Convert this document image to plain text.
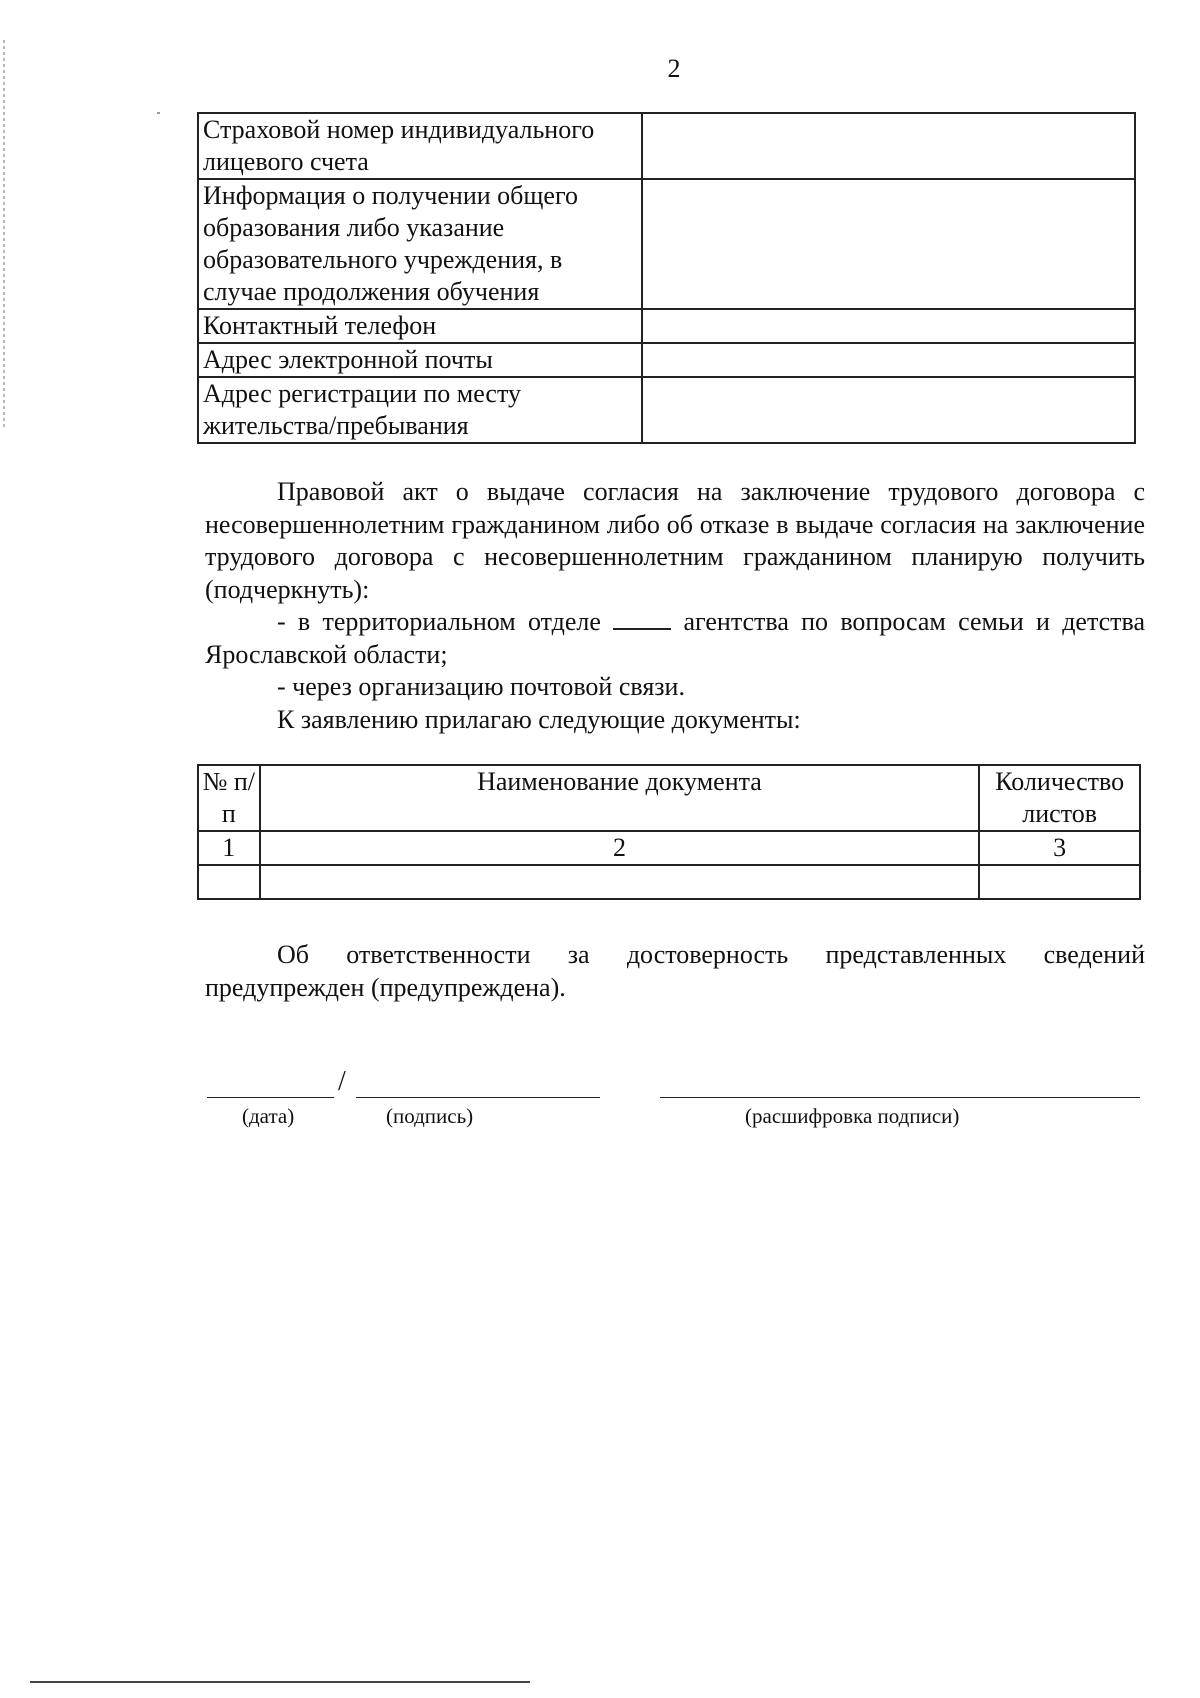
2
Страховой номер индивидуального лицевого счета	
Информация о получении общего образования либо указание образовательного учреждения, в случае продолжения обучения	
Контактный телефон	
Адрес электронной почты	
Адрес регистрации по месту жительства/пребывания	

Правовой акт о выдаче согласия на заключение трудового договора с несовершеннолетним гражданином либо об отказе в выдаче согласия на заключение трудового договора с несовершеннолетним гражданином планирую получить (подчеркнуть):

- в территориальном отделе	агентства по вопросам семьи и детства Ярославской области;

- через организацию почтовой связи.

К заявлению прилагаю следующие документы:

№ п/п	Наименование документа	Количество листов
1	2	3

Об ответственности за достоверность представленных сведений предупрежден (предупреждена).
/
(дата)	(подпись)	(расшифровка подписи)
